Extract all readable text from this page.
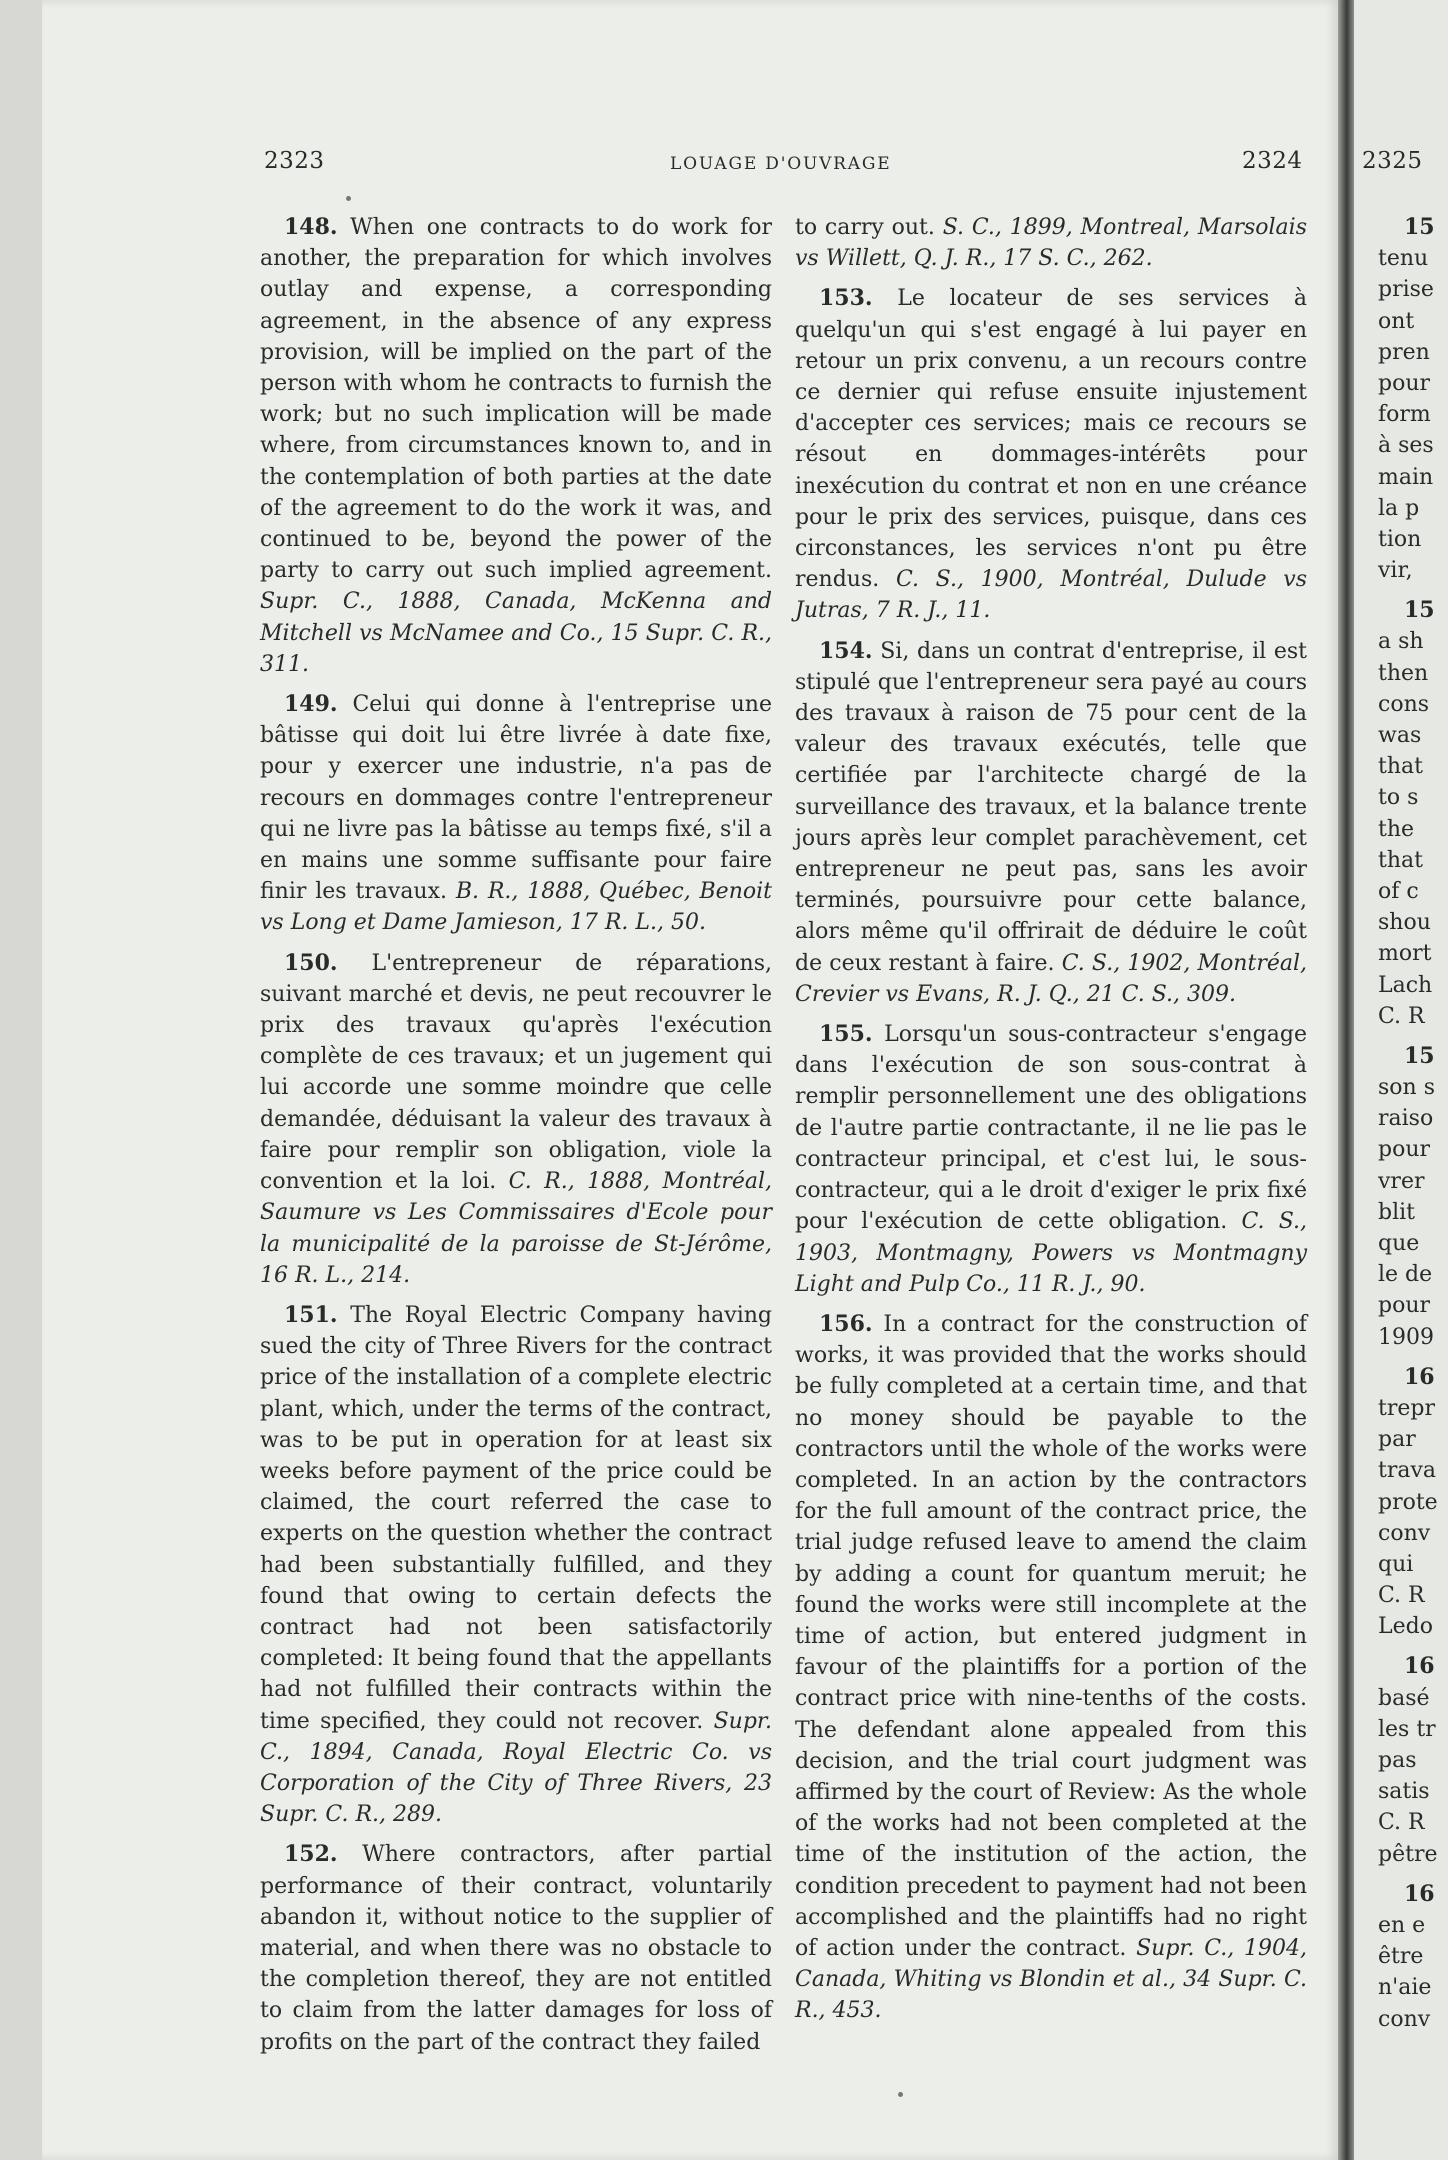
2323	LOUAGE D'OUVRAGE	2324

148. When one contracts to do work for another, the preparation for which involves outlay and expense, a corresponding agreement, in the absence of any express provision, will be implied on the part of the person with whom he contracts to furnish the work; but no such implication will be made where, from circumstances known to, and in the contemplation of both parties at the date of the agreement to do the work it was, and continued to be, beyond the power of the party to carry out such implied agreement. Supr. C., 1888, Canada, McKenna and Mitchell vs McNamee and Co., 15 Supr. C. R., 311.

149. Celui qui donne à l'entreprise une bâtisse qui doit lui être livrée à date fixe, pour y exercer une industrie, n'a pas de recours en dommages contre l'entrepreneur qui ne livre pas la bâtisse au temps fixé, s'il a en mains une somme suffisante pour faire finir les travaux. B. R., 1888, Québec, Benoit vs Long et Dame Jamieson, 17 R. L., 50.

150. L'entrepreneur de réparations, suivant marché et devis, ne peut recouvrer le prix des travaux qu'après l'exécution complète de ces travaux; et un jugement qui lui accorde une somme moindre que celle demandée, déduisant la valeur des travaux à faire pour remplir son obligation, viole la convention et la loi. C. R., 1888, Montréal, Saumure vs Les Commissaires d'Ecole pour la municipalité de la paroisse de St-Jérôme, 16 R. L., 214.

151. The Royal Electric Company having sued the city of Three Rivers for the contract price of the installation of a complete electric plant, which, under the terms of the contract, was to be put in operation for at least six weeks before payment of the price could be claimed, the court referred the case to experts on the question whether the contract had been substantially fulfilled, and they found that owing to certain defects the contract had not been satisfactorily completed: It being found that the appellants had not fulfilled their contracts within the time specified, they could not recover. Supr. C., 1894, Canada, Royal Electric Co. vs Corporation of the City of Three Rivers, 23 Supr. C. R., 289.

152. Where contractors, after partial performance of their contract, voluntarily abandon it, without notice to the supplier of material, and when there was no obstacle to the completion thereof, they are not entitled to claim from the latter damages for loss of profits on the part of the contract they failed

to carry out. S. C., 1899, Montreal, Marsolais vs Willett, Q. J. R., 17 S. C., 262.

153. Le locateur de ses services à quelqu'un qui s'est engagé à lui payer en retour un prix convenu, a un recours contre ce dernier qui refuse ensuite injustement d'accepter ces services; mais ce recours se résout en dommages-intérêts pour inexécution du contrat et non en une créance pour le prix des services, puisque, dans ces circonstances, les services n'ont pu être rendus. C. S., 1900, Montréal, Dulude vs Jutras, 7 R. J., 11.

154. Si, dans un contrat d'entreprise, il est stipulé que l'entrepreneur sera payé au cours des travaux à raison de 75 pour cent de la valeur des travaux exécutés, telle que certifiée par l'architecte chargé de la surveillance des travaux, et la balance trente jours après leur complet parachèvement, cet entrepreneur ne peut pas, sans les avoir terminés, poursuivre pour cette balance, alors même qu'il offrirait de déduire le coût de ceux restant à faire. C. S., 1902, Montréal, Crevier vs Evans, R. J. Q., 21 C. S., 309.

155. Lorsqu'un sous-contracteur s'engage dans l'exécution de son sous-contrat à remplir personnellement une des obligations de l'autre partie contractante, il ne lie pas le contracteur principal, et c'est lui, le sous-contracteur, qui a le droit d'exiger le prix fixé pour l'exécution de cette obligation. C. S., 1903, Montmagny, Powers vs Montmagny Light and Pulp Co., 11 R. J., 90.

156. In a contract for the construction of works, it was provided that the works should be fully completed at a certain time, and that no money should be payable to the contractors until the whole of the works were completed. In an action by the contractors for the full amount of the contract price, the trial judge refused leave to amend the claim by adding a count for quantum meruit; he found the works were still incomplete at the time of action, but entered judgment in favour of the plaintiffs for a portion of the contract price with nine-tenths of the costs. The defendant alone appealed from this decision, and the trial court judgment was affirmed by the court of Review: As the whole of the works had not been completed at the time of the institution of the action, the condition precedent to payment had not been accomplished and the plaintiffs had no right of action under the contract. Supr. C., 1904, Canada, Whiting vs Blondin et al., 34 Supr. C. R., 453.

2325
15
tenu
prise
ont
pren
pour
form
à ses
main
la p
tion
vir,
15
a sh
then
cons
was
that
to s
the
that
of c
shou
mort
Lach
C. R
15
son s
raiso
pour
vrer
blit
que
le de
pour
1909
16
trepr
par
trava
prote
conv
qui
C. R
Ledo
16
basé
les tr
pas
satis
C. R
pêtre
16
en e
être
n'aie
conv
